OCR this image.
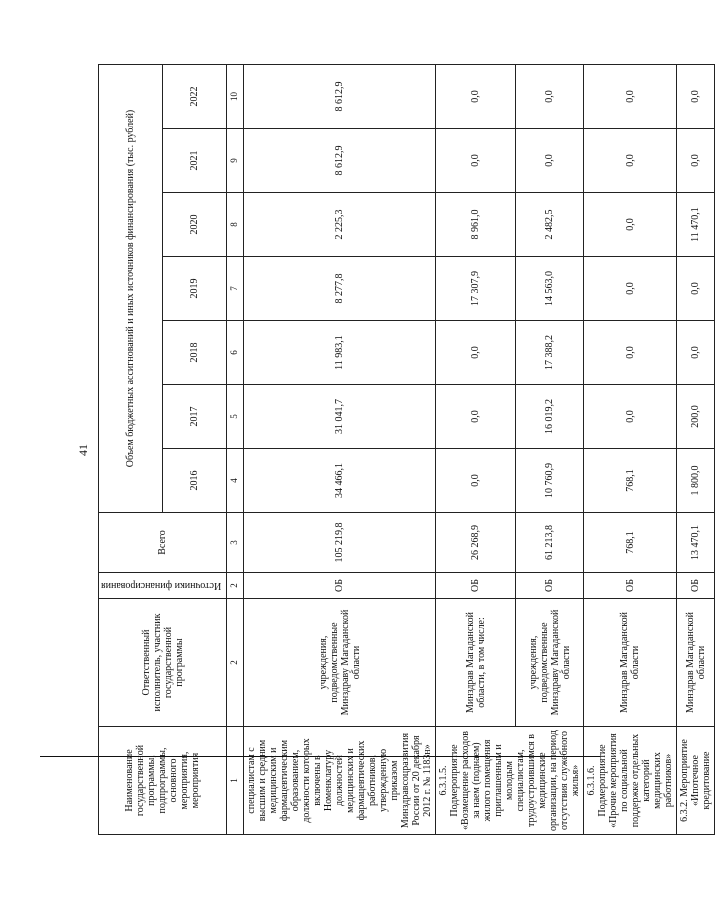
41
Наименование государственной программы, подпрограммы, основного мероприятия, мероприятия	Ответственный исполнитель, участник государственной программы	Источники финансирования	Всего	Объем бюджетных ассигнований и иных источников финансирования (тыс. рублей)						
				2016	2017	2018	2019	2020	2021	2022
1	2	2	3	4	5	6	7	8	9	10
специалистам с высшим и средним медицинским и фармацевтическим образованием, должности которых включены в Номенклатуру должностей медицинских и фармацевтических работников, утвержденную приказом Минздравсоцразвития России от 20 декабря 2012 г. № 1183н»	учреждения, подведомственные Минздраву Магаданской области	ОБ	105 219,8	34 466,1	31 041,7	11 983,1	8 277,8	2 225,3	8 612,9	8 612,9
6.3.1.5. Подмероприятие «Возмещение расходов за наем (поднаем) жилого помещения приглашенным и молодым специалистам, трудоустроившимся в медицинские организации, на период отсутствия служебного жилья»	Минздрав Магаданской области, в том числе:	ОБ	26 268,9	0,0	0,0	0,0	17 307,9	8 961,0	0,0	0,0
	учреждения, подведомственные Минздраву Магаданской области	ОБ	61 213,8	10 760,9	16 019,2	17 388,2	14 563,0	2 482,5	0,0	0,0
6.3.1.6. Подмероприятие «Прочие мероприятия по социальной поддержке отдельных категорий медицинских работников»	Минздрав Магаданской области	ОБ	768,1	768,1	0,0	0,0	0,0	0,0	0,0	0,0
6.3.2. Мероприятие «Ипотечное кредитование	Минздрав Магаданской области	ОБ	13 470,1	1 800,0	200,0	0,0	0,0	11 470,1	0,0	0,0
